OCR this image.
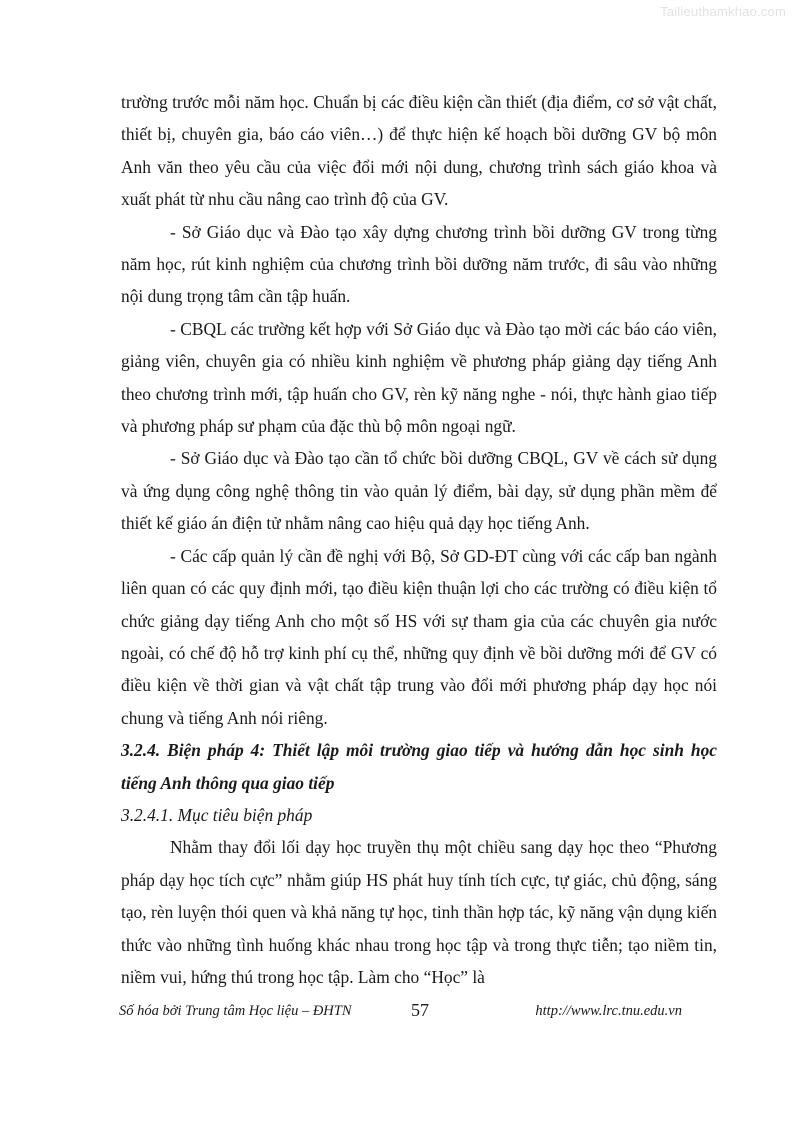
Tailieuthamkhao.com

trường trước mỗi năm học. Chuẩn bị các điều kiện cần thiết (địa điểm, cơ sở vật chất, thiết bị, chuyên gia, báo cáo viên…) để thực hiện kế hoạch bồi dưỡng GV bộ môn Anh văn theo yêu cầu của việc đổi mới nội dung, chương trình sách giáo khoa và xuất phát từ nhu cầu nâng cao trình độ của GV.

- Sở Giáo dục và Đào tạo xây dựng chương trình bồi dưỡng GV trong từng năm học, rút kinh nghiệm của chương trình bồi dưỡng năm trước, đi sâu vào những nội dung trọng tâm cần tập huấn.

- CBQL các trường kết hợp với Sở Giáo dục và Đào tạo mời các báo cáo viên, giảng viên, chuyên gia có nhiều kinh nghiệm về phương pháp giảng dạy tiếng Anh theo chương trình mới, tập huấn cho GV, rèn kỹ năng nghe - nói, thực hành giao tiếp và phương pháp sư phạm của đặc thù bộ môn ngoại ngữ.

- Sở Giáo dục và Đào tạo cần tổ chức bồi dưỡng CBQL, GV về cách sử dụng và ứng dụng công nghệ thông tin vào quản lý điểm, bài dạy, sử dụng phần mềm để thiết kế giáo án điện tử nhằm nâng cao hiệu quả dạy học tiếng Anh.

- Các cấp quản lý cần đề nghị với Bộ, Sở GD-ĐT cùng với các cấp ban ngành liên quan có các quy định mới, tạo điều kiện thuận lợi cho các trường có điều kiện tổ chức giảng dạy tiếng Anh cho một số HS với sự tham gia của các chuyên gia nước ngoài, có chế độ hỗ trợ kinh phí cụ thể, những quy định về bồi dưỡng mới để GV có điều kiện về thời gian và vật chất tập trung vào đổi mới phương pháp dạy học nói chung và tiếng Anh nói riêng.

3.2.4. Biện pháp 4: Thiết lập môi trường giao tiếp và hướng dẫn học sinh học tiếng Anh thông qua giao tiếp

3.2.4.1. Mục tiêu biện pháp

Nhằm thay đổi lối dạy học truyền thụ một chiều sang dạy học theo “Phương pháp dạy học tích cực” nhằm giúp HS phát huy tính tích cực, tự giác, chủ động, sáng tạo, rèn luyện thói quen và khả năng tự học, tinh thần hợp tác, kỹ năng vận dụng kiến thức vào những tình huống khác nhau trong học tập và trong thực tiễn; tạo niềm tin, niềm vui, hứng thú trong học tập. Làm cho “Học” là

Số hóa bởi Trung tâm Học liệu – ĐHTN	57	http://www.lrc.tnu.edu.vn
